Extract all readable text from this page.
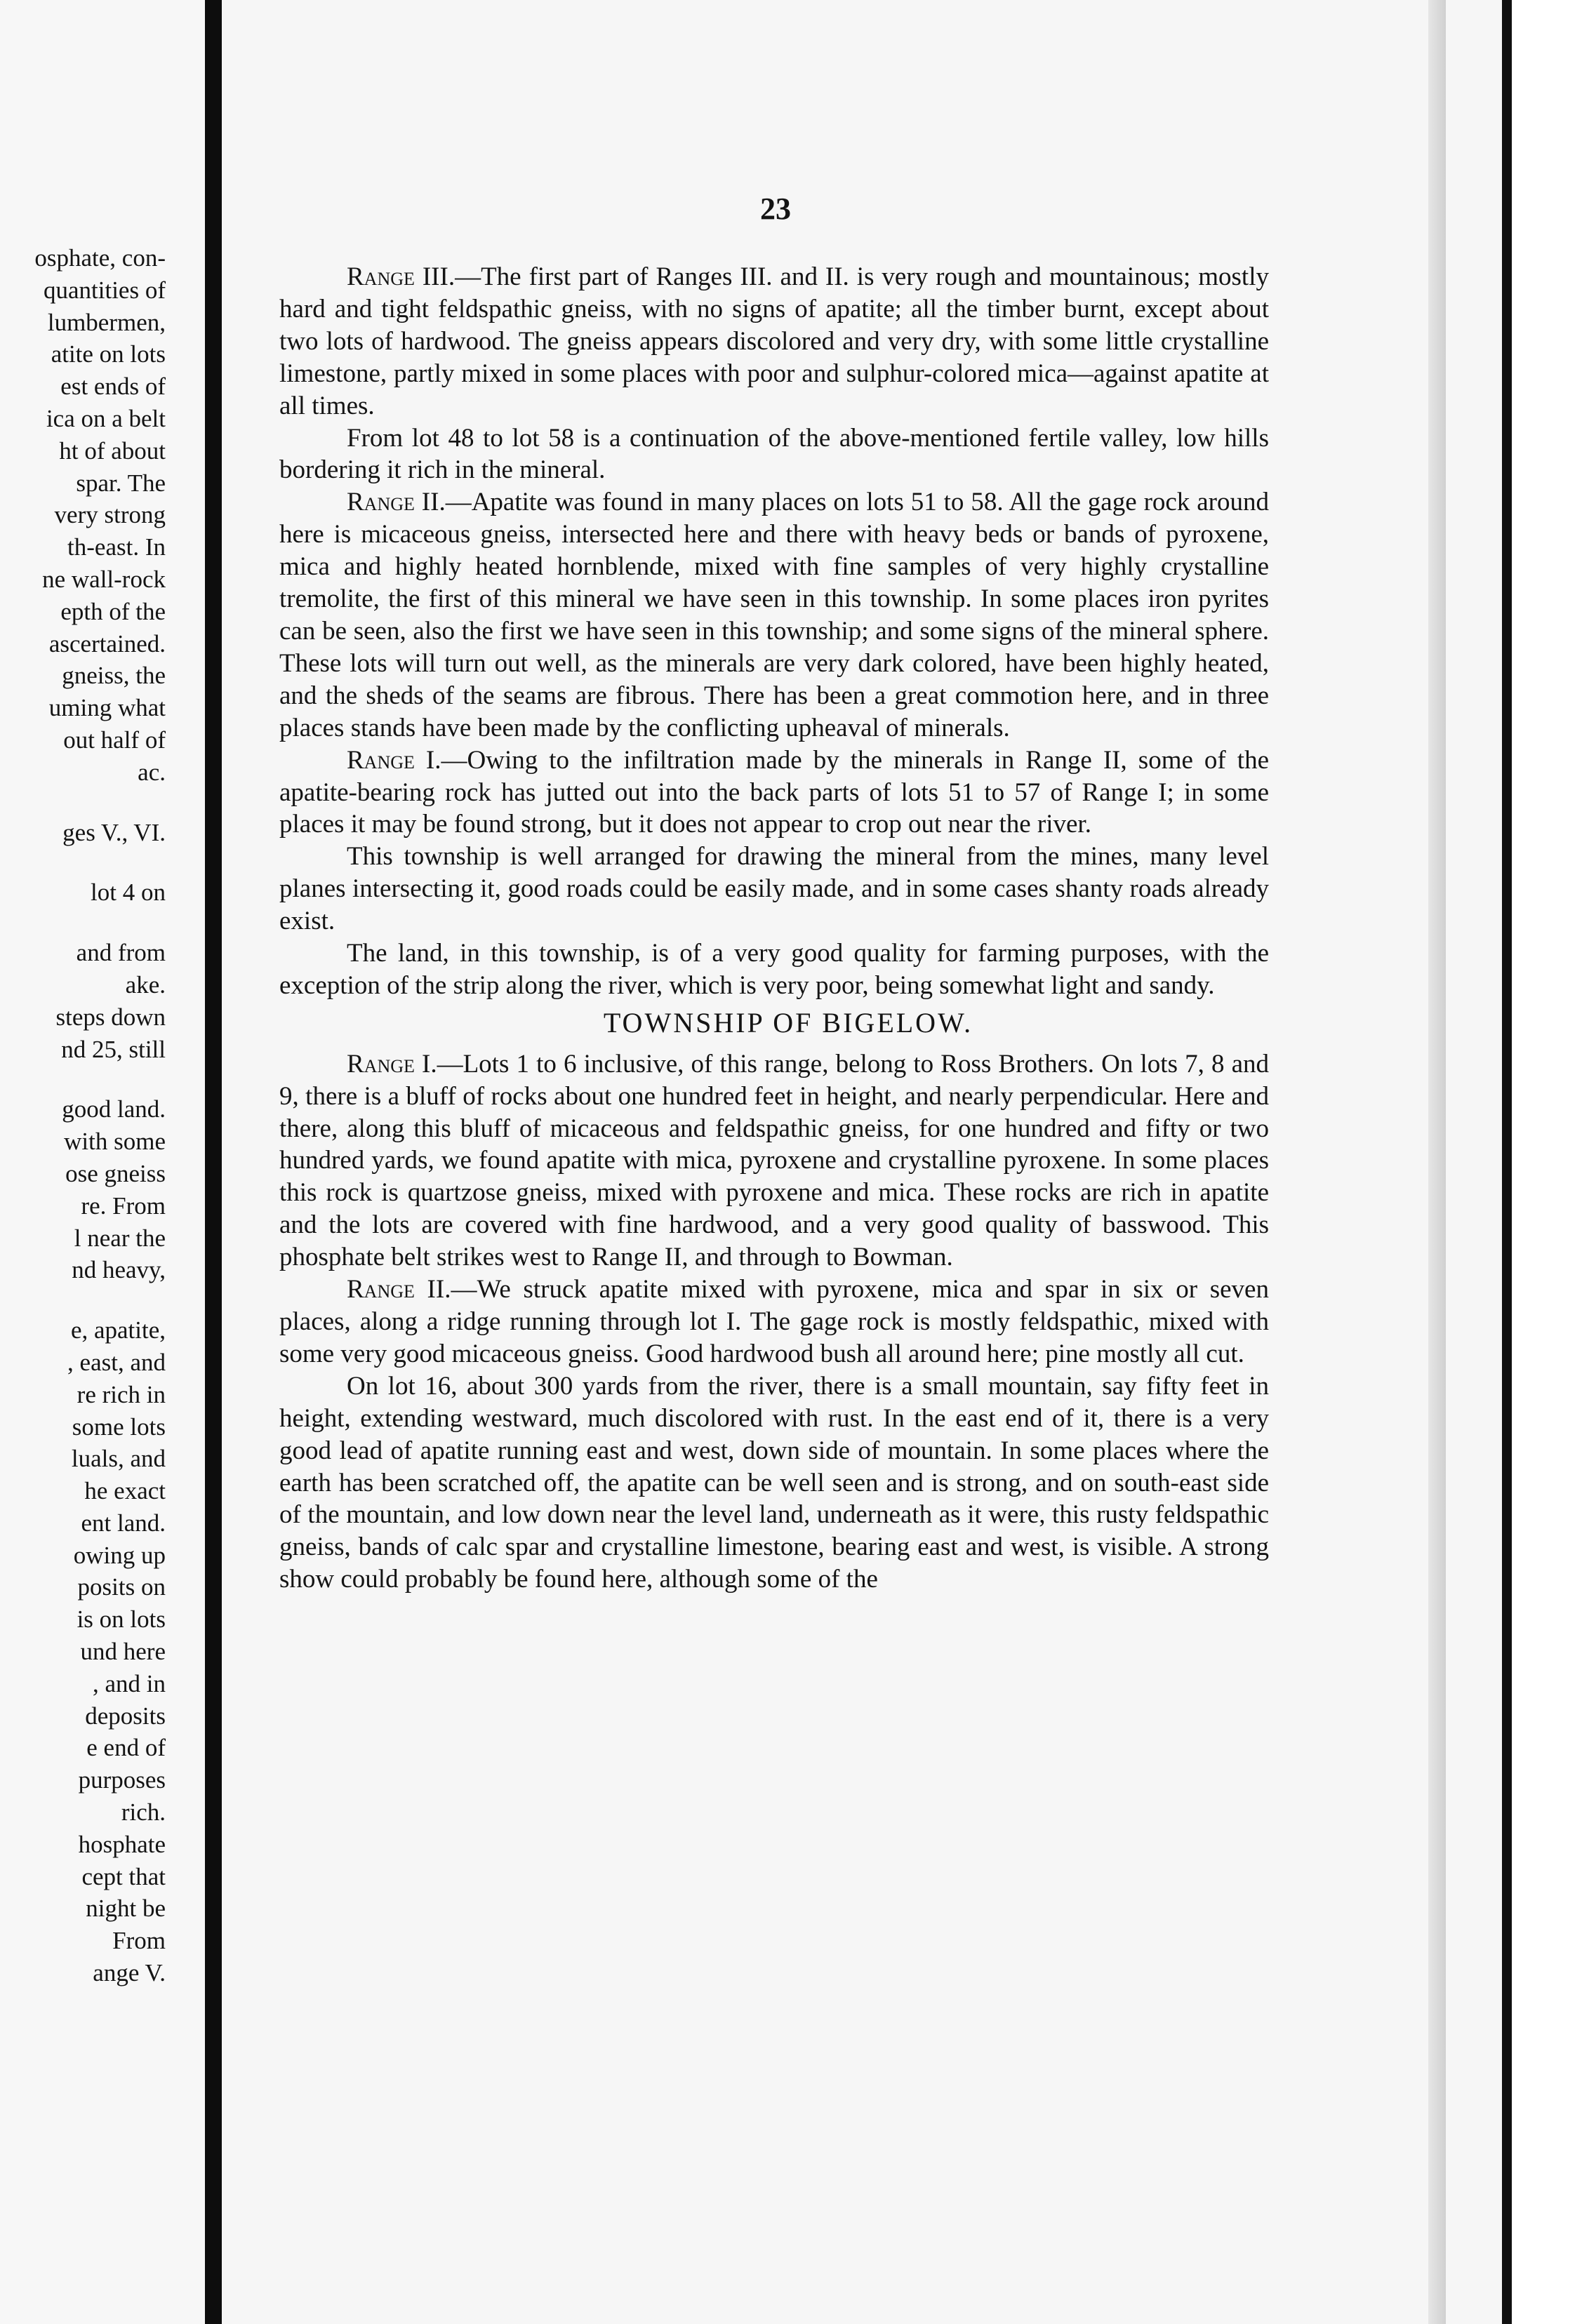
osphate, con-
quantities of
lumbermen,
atite on lots
est ends of
ica on a belt
ht of about
spar. The
very strong
th-east. In
ne wall-rock
epth of the
ascertained.
gneiss, the
uming what
out half of
ac.
ges V., VI.
lot 4 on
and from
ake.
steps down
nd 25, still
good land.
with some
ose gneiss
re. From
l near the
nd heavy,
e, apatite,
, east, and
re rich in
some lots
luals, and
he exact
ent land.
owing up
posits on
is on lots
und here
, and in
deposits
e end of
purposes
rich.
hosphate
cept that
night be
From
ange V.
23

Range III.—The first part of Ranges III. and II. is very rough and mountainous; mostly hard and tight feldspathic gneiss, with no signs of apatite; all the timber burnt, except about two lots of hardwood. The gneiss appears discolored and very dry, with some little crystalline limestone, partly mixed in some places with poor and sulphur-colored mica—against apatite at all times.

From lot 48 to lot 58 is a continuation of the above-mentioned fertile valley, low hills bordering it rich in the mineral.

Range II.—Apatite was found in many places on lots 51 to 58. All the gage rock around here is micaceous gneiss, intersected here and there with heavy beds or bands of pyroxene, mica and highly heated hornblende, mixed with fine samples of very highly crystalline tremolite, the first of this mineral we have seen in this township. In some places iron pyrites can be seen, also the first we have seen in this township; and some signs of the mineral sphere. These lots will turn out well, as the minerals are very dark colored, have been highly heated, and the sheds of the seams are fibrous. There has been a great commotion here, and in three places stands have been made by the conflicting upheaval of minerals.

Range I.—Owing to the infiltration made by the minerals in Range II, some of the apatite-bearing rock has jutted out into the back parts of lots 51 to 57 of Range I; in some places it may be found strong, but it does not appear to crop out near the river.

This township is well arranged for drawing the mineral from the mines, many level planes intersecting it, good roads could be easily made, and in some cases shanty roads already exist.

The land, in this township, is of a very good quality for farming purposes, with the exception of the strip along the river, which is very poor, being somewhat light and sandy.

TOWNSHIP OF BIGELOW.

Range I.—Lots 1 to 6 inclusive, of this range, belong to Ross Brothers. On lots 7, 8 and 9, there is a bluff of rocks about one hundred feet in height, and nearly perpendicular. Here and there, along this bluff of micaceous and feldspathic gneiss, for one hundred and fifty or two hundred yards, we found apatite with mica, pyroxene and crystalline pyroxene. In some places this rock is quartzose gneiss, mixed with pyroxene and mica. These rocks are rich in apatite and the lots are covered with fine hardwood, and a very good quality of basswood. This phosphate belt strikes west to Range II, and through to Bowman.

Range II.—We struck apatite mixed with pyroxene, mica and spar in six or seven places, along a ridge running through lot I. The gage rock is mostly feldspathic, mixed with some very good micaceous gneiss. Good hardwood bush all around here; pine mostly all cut.

On lot 16, about 300 yards from the river, there is a small mountain, say fifty feet in height, extending westward, much discolored with rust. In the east end of it, there is a very good lead of apatite running east and west, down side of mountain. In some places where the earth has been scratched off, the apatite can be well seen and is strong, and on south-east side of the mountain, and low down near the level land, underneath as it were, this rusty feldspathic gneiss, bands of calc spar and crystalline limestone, bearing east and west, is visible. A strong show could probably be found here, although some of the
